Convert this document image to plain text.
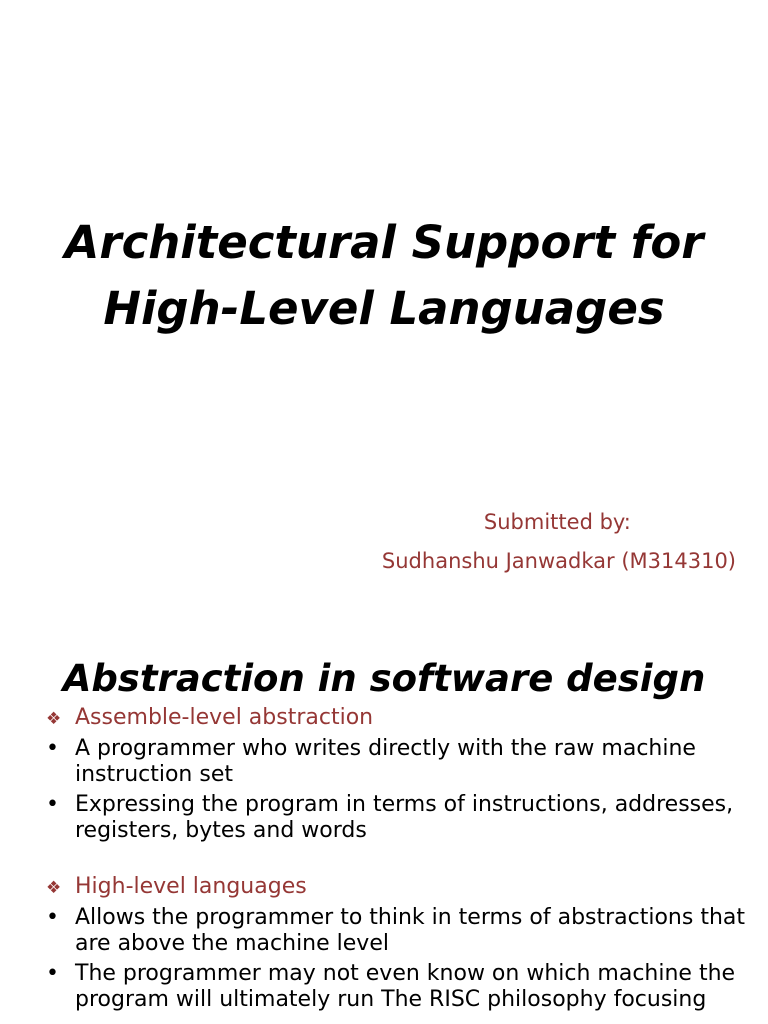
Architectural Support for
High-Level Languages
Submitted by:
Sudhanshu Janwadkar (M314310)
Abstraction in software design

❖ Assemble-level abstraction

• A programmer who writes directly with the raw machine instruction set
• Expressing the program in terms of instructions, addresses, registers, bytes and words

❖ High-level languages

• Allows the programmer to think in terms of abstractions that are above the machine level
• The programmer may not even know on which machine the program will ultimately run The RISC philosophy focusing
